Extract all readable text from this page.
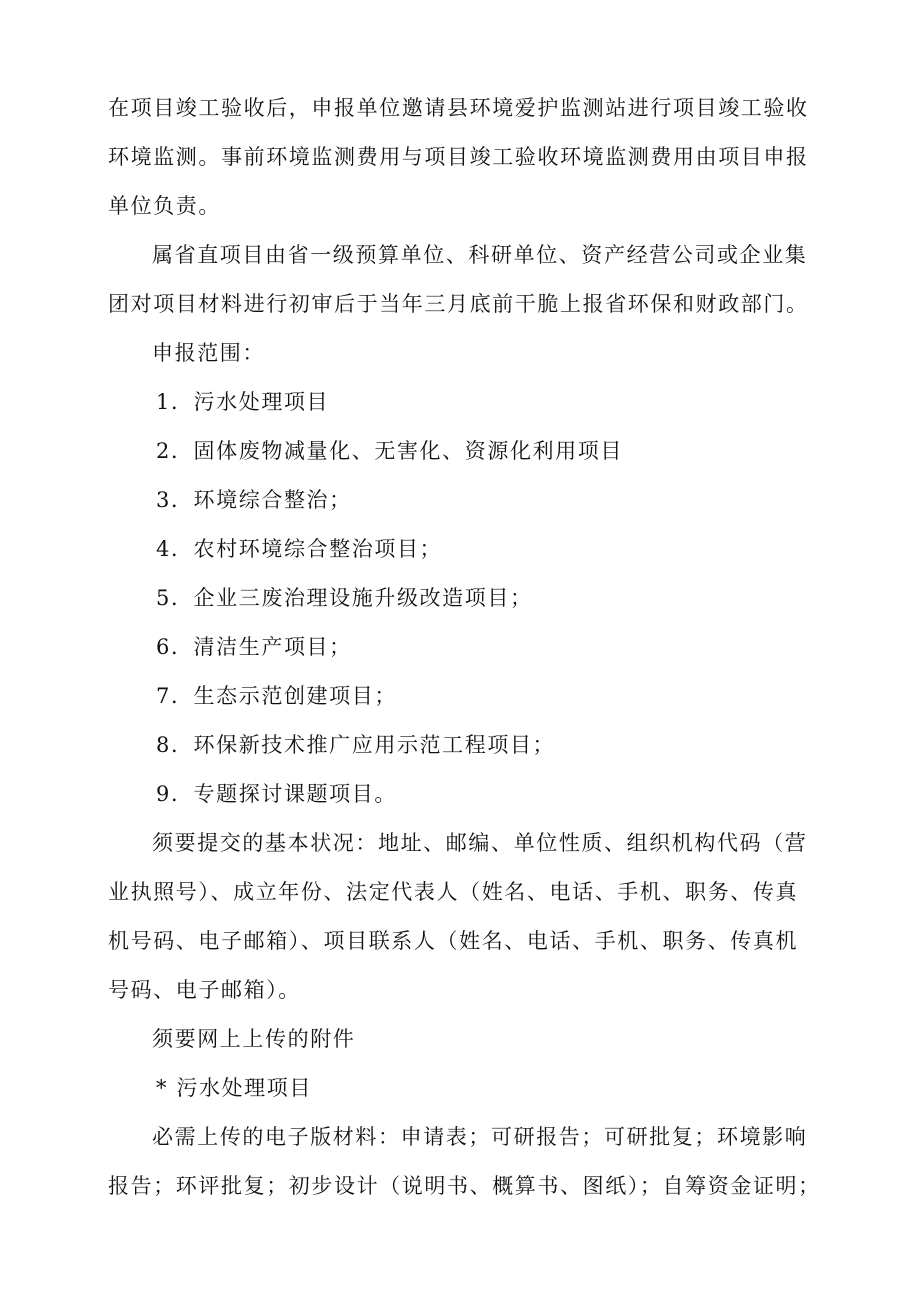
在项目竣工验收后，申报单位邀请县环境爱护监测站进行项目竣工验收
环境监测。事前环境监测费用与项目竣工验收环境监测费用由项目申报
单位负责。
属省直项目由省一级预算单位、科研单位、资产经营公司或企业集
团对项目材料进行初审后于当年三月底前干脆上报省环保和财政部门。
申报范围：
1．污水处理项目
2．固体废物减量化、无害化、资源化利用项目
3．环境综合整治；
4．农村环境综合整治项目；
5．企业三废治理设施升级改造项目；
6．清洁生产项目；
7．生态示范创建项目；
8．环保新技术推广应用示范工程项目；
9．专题探讨课题项目。
须要提交的基本状况：地址、邮编、单位性质、组织机构代码（营
业执照号）、成立年份、法定代表人（姓名、电话、手机、职务、传真
机号码、电子邮箱）、项目联系人（姓名、电话、手机、职务、传真机
号码、电子邮箱）。
须要网上上传的附件
* 污水处理项目
必需上传的电子版材料：申请表；可研报告；可研批复；环境影响
报告；环评批复；初步设计（说明书、概算书、图纸）；自筹资金证明；
